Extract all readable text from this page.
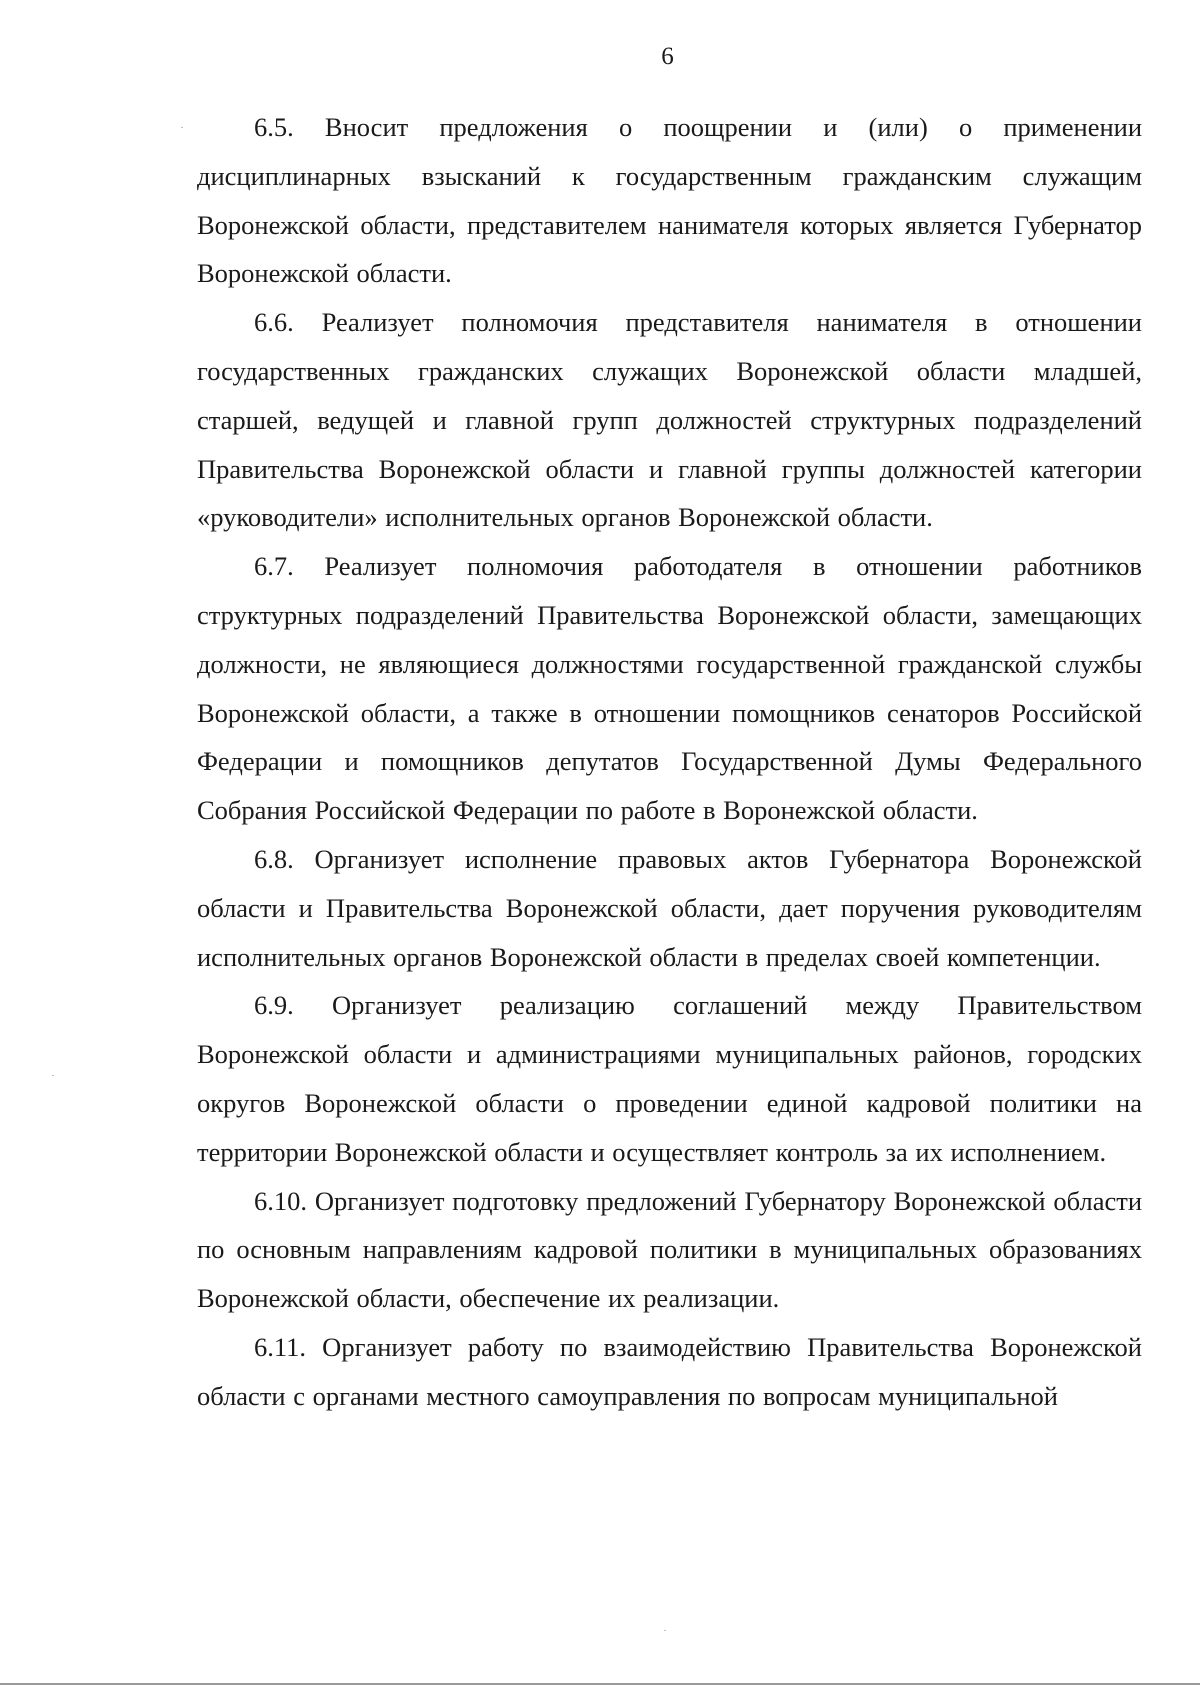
6

6.5. Вносит предложения о поощрении и (или) о применении дисциплинарных взысканий к государственным гражданским служащим Воронежской области, представителем нанимателя которых является Губернатор Воронежской области.

6.6. Реализует полномочия представителя нанимателя в отношении государственных гражданских служащих Воронежской области младшей, старшей, ведущей и главной групп должностей структурных подразделений Правительства Воронежской области и главной группы должностей категории «руководители» исполнительных органов Воронежской области.

6.7. Реализует полномочия работодателя в отношении работников структурных подразделений Правительства Воронежской области, замещающих должности, не являющиеся должностями государственной гражданской службы Воронежской области, а также в отношении помощников сенаторов Российской Федерации и помощников депутатов Государственной Думы Федерального Собрания Российской Федерации по работе в Воронежской области.

6.8. Организует исполнение правовых актов Губернатора Воронежской области и Правительства Воронежской области, дает поручения руководителям исполнительных органов Воронежской области в пределах своей компетенции.

6.9. Организует реализацию соглашений между Правительством Воронежской области и администрациями муниципальных районов, городских округов Воронежской области о проведении единой кадровой политики на территории Воронежской области и осуществляет контроль за их исполнением.

6.10. Организует подготовку предложений Губернатору Воронежской области по основным направлениям кадровой политики в муниципальных образованиях Воронежской области, обеспечение их реализации.

6.11. Организует работу по взаимодействию Правительства Воронежской области с органами местного самоуправления по вопросам муниципальной
